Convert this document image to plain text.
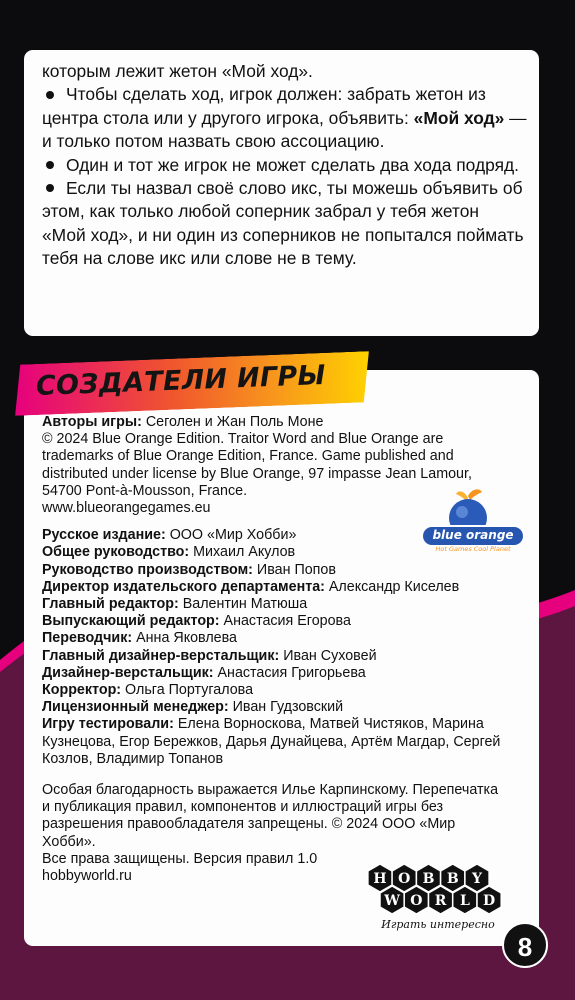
которым лежит жетон «Мой ход».

Чтобы сделать ход, игрок должен: забрать жетон из центра стола или у другого игрока, объявить: «Мой ход» — и только потом назвать свою ассоциацию.

Один и тот же игрок не может сделать два хода подряд.

Если ты назвал своё слово икс, ты можешь объявить об этом, как только любой соперник забрал у тебя жетон «Мой ход», и ни один из соперников не попытался поймать тебя на слове икс или слове не в тему.

СОЗДАТЕЛИ ИГРЫ

Авторы игры: Сеголен и Жан Поль Моне

© 2024 Blue Orange Edition. Traitor Word and Blue Orange are trademarks of Blue Orange Edition, France. Game published and distributed under license by Blue Orange, 97 impasse Jean Lamour, 54700 Pont-à-Mousson, France.

www.blueorangegames.eu

Русское издание: ООО «Мир Хобби»

Общее руководство: Михаил Акулов

Руководство производством: Иван Попов

Директор издательского департамента: Александр Киселев

Главный редактор: Валентин Матюша

Выпускающий редактор: Анастасия Егорова

Переводчик: Анна Яковлева

Главный дизайнер-верстальщик: Иван Суховей

Дизайнер-верстальщик: Анастасия Григорьева

Корректор: Ольга Португалова

Лицензионный менеджер: Иван Гудзовский

Игру тестировали: Елена Ворноскова, Матвей Чистяков, Марина Кузнецова, Егор Бережков, Дарья Дунайцева, Артём Магдар, Сергей Козлов, Владимир Топанов

Особая благодарность выражается Илье Карпинскому. Перепечатка и публикация правил, компонентов и иллюстраций игры без разрешения правообладателя запрещены. © 2024 ООО «Мир Хобби».

Все права защищены. Версия правил 1.0

hobbyworld.ru

blue orange
Hot Games Cool Planet
H O B B Y
W O R L D
Играть интересно
8
